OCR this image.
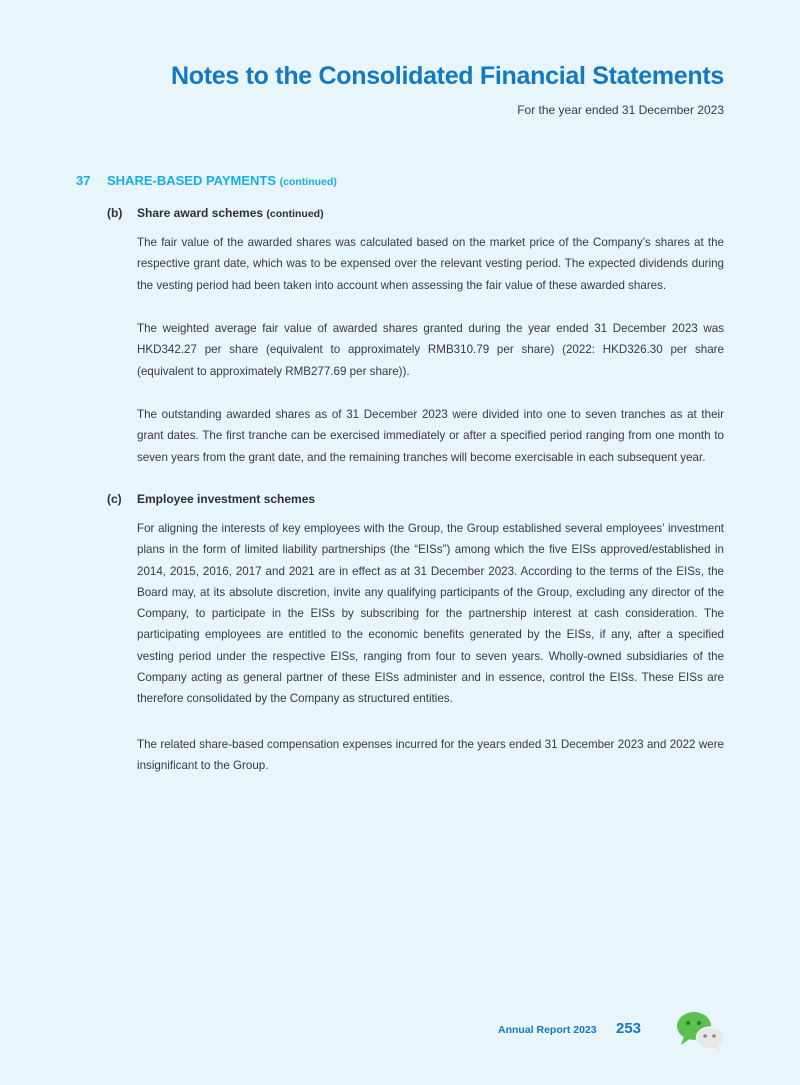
Notes to the Consolidated Financial Statements
For the year ended 31 December 2023
37 SHARE-BASED PAYMENTS (continued)
(b) Share award schemes (continued)

The fair value of the awarded shares was calculated based on the market price of the Company’s shares at the respective grant date, which was to be expensed over the relevant vesting period. The expected dividends during the vesting period had been taken into account when assessing the fair value of these awarded shares.

The weighted average fair value of awarded shares granted during the year ended 31 December 2023 was HKD342.27 per share (equivalent to approximately RMB310.79 per share) (2022: HKD326.30 per share (equivalent to approximately RMB277.69 per share)).

The outstanding awarded shares as of 31 December 2023 were divided into one to seven tranches as at their grant dates. The first tranche can be exercised immediately or after a specified period ranging from one month to seven years from the grant date, and the remaining tranches will become exercisable in each subsequent year.

(c) Employee investment schemes

For aligning the interests of key employees with the Group, the Group established several employees’ investment plans in the form of limited liability partnerships (the “EISs”) among which the five EISs approved/established in 2014, 2015, 2016, 2017 and 2021 are in effect as at 31 December 2023. According to the terms of the EISs, the Board may, at its absolute discretion, invite any qualifying participants of the Group, excluding any director of the Company, to participate in the EISs by subscribing for the partnership interest at cash consideration. The participating employees are entitled to the economic benefits generated by the EISs, if any, after a specified vesting period under the respective EISs, ranging from four to seven years. Wholly-owned subsidiaries of the Company acting as general partner of these EISs administer and in essence, control the EISs. These EISs are therefore consolidated by the Company as structured entities.

The related share-based compensation expenses incurred for the years ended 31 December 2023 and 2022 were insignificant to the Group.

Annual Report 2023 253
